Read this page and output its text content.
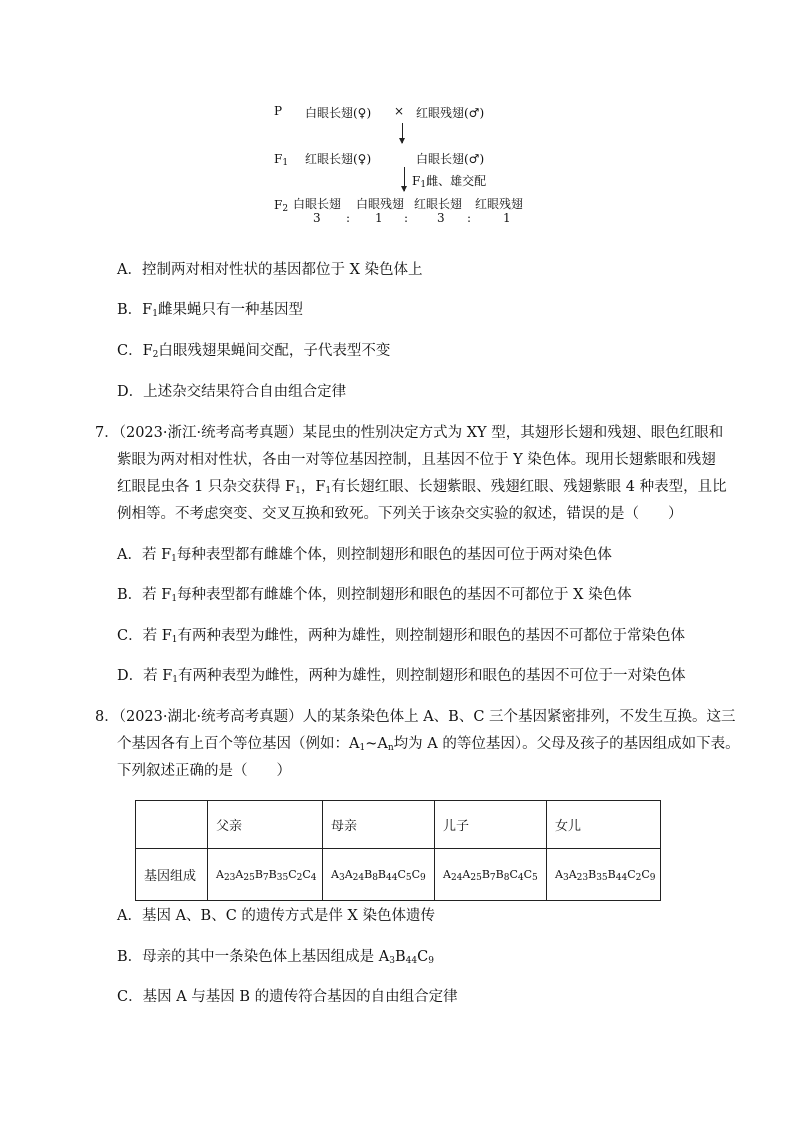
P 白眼长翅(♀) × 红眼残翅(♂)
$F_1$ 红眼长翅(♀)	白眼长翅(♂)
$F_1$雌、雄交配
$F_2$ 白眼长翅 白眼残翅 红眼长翅 红眼残翅
3 : 1 : 3 :	1
A．控制两对相对性状的基因都位于 X 染色体上
B．$F_1$雌果蝇只有一种基因型
C．$F_2$白眼残翅果蝇间交配，子代表型不变
D．上述杂交结果符合自由组合定律
7．（2023·浙江·统考高考真题）某昆虫的性别决定方式为 XY 型，其翅形长翅和残翅、眼色红眼和
紫眼为两对相对性状，各由一对等位基因控制，且基因不位于 Y 染色体。现用长翅紫眼和残翅
红眼昆虫各 1 只杂交获得 $F_1$，$F_1$有长翅红眼、长翅紫眼、残翅红眼、残翅紫眼 4 种表型，且比
例相等。不考虑突变、交叉互换和致死。下列关于该杂交实验的叙述，错误的是（　　）
A．若 $F_1$每种表型都有雌雄个体，则控制翅形和眼色的基因可位于两对染色体
B．若 $F_1$每种表型都有雌雄个体，则控制翅形和眼色的基因不可都位于 X 染色体
C．若 $F_1$有两种表型为雌性，两种为雄性，则控制翅形和眼色的基因不可都位于常染色体
D．若 $F_1$有两种表型为雌性，两种为雄性，则控制翅形和眼色的基因不可位于一对染色体
8．（2023·湖北·统考高考真题）人的某条染色体上 A、B、C 三个基因紧密排列，不发生互换。这三
个基因各有上百个等位基因（例如：$A_1\sim A_n$均为 A 的等位基因）。父母及孩子的基因组成如下表。
下列叙述正确的是（　　）
	父亲	母亲	儿子	女儿
基因组成	$A_{23}A_{25}B_7B_{35}C_2C_4$	$A_3A_{24}B_8B_{44}C_5C_9$	$A_{24}A_{25}B_7B_8C_4C_5$	$A_3A_{23}B_{35}B_{44}C_2C_9$
A．基因 A、B、C 的遗传方式是伴 X 染色体遗传
B．母亲的其中一条染色体上基因组成是 $A_3B_{44}C_9$
C．基因 A 与基因 B 的遗传符合基因的自由组合定律
